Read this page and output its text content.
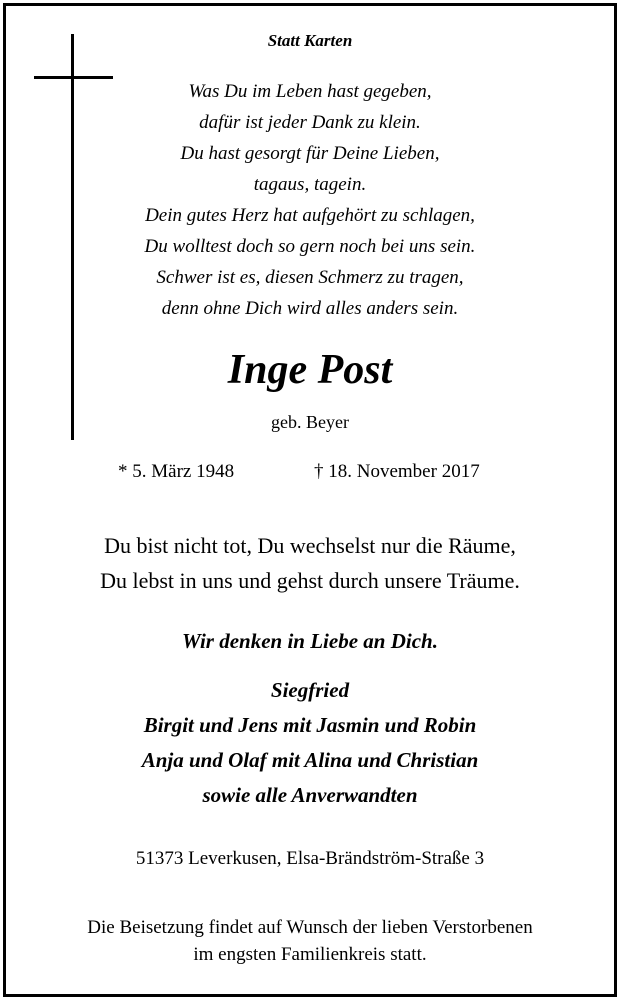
Statt Karten
Was Du im Leben hast gegeben,
dafür ist jeder Dank zu klein.
Du hast gesorgt für Deine Lieben,
tagaus, tagein.
Dein gutes Herz hat aufgehört zu schlagen,
Du wolltest doch so gern noch bei uns sein.
Schwer ist es, diesen Schmerz zu tragen,
denn ohne Dich wird alles anders sein.
Inge Post
geb. Beyer
* 5. März 1948	† 18. November 2017
Du bist nicht tot, Du wechselst nur die Räume,
Du lebst in uns und gehst durch unsere Träume.
Wir denken in Liebe an Dich.
Siegfried
Birgit und Jens mit Jasmin und Robin
Anja und Olaf mit Alina und Christian
sowie alle Anverwandten
51373 Leverkusen, Elsa-Brändström-Straße 3
Die Beisetzung findet auf Wunsch der lieben Verstorbenen
im engsten Familienkreis statt.
